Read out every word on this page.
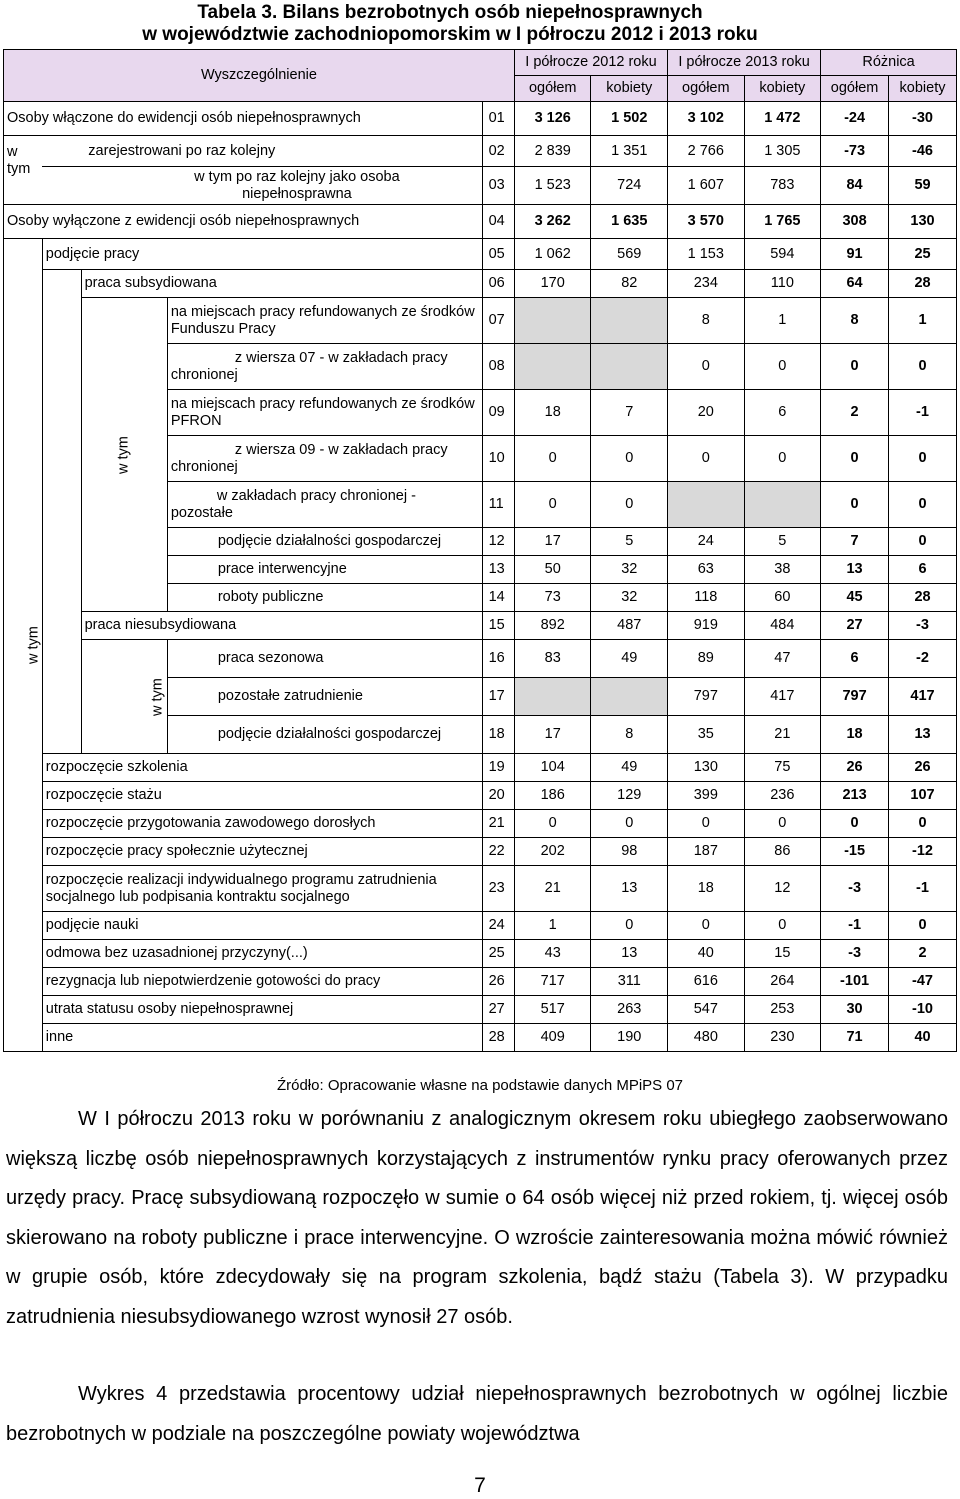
Tabela 3. Bilans bezrobotnych osób niepełnosprawnych
w województwie zachodniopomorskim w I półroczu 2012 i 2013 roku
Wyszczególnienie					I półrocze 2012 roku		I półrocze 2013 roku		Różnica	
					ogółem	kobiety	ogółem	kobiety	ogółem	kobiety
Osoby włączone do ewidencji osób niepełnosprawnych				01	3 126	1 502	3 102	1 472	-24	-30
w tym	zarejestrowani po raz kolejny			02	2 839	1 351	2 766	1 305	-73	-46
	w tym po raz kolejny jako osoba niepełnosprawna			03	1 523	724	1 607	783	84	59
Osoby wyłączone z ewidencji osób niepełnosprawnych				04	3 262	1 635	3 570	1 765	308	130
w tym	podjęcie pracy			05	1 062	569	1 153	594	91	25
		praca subsydiowana		06	170	82	234	110	64	28
		w tym	na miejscach pracy refundowanych ze środków Funduszu Pracy	07			8	1	8	1
			z wiersza 07 - w zakładach pracy chronionej	08			0	0	0	0
			na miejscach pracy refundowanych ze środków PFRON	09	18	7	20	6	2	-1
			z wiersza 09 - w zakładach pracy chronionej	10	0	0	0	0	0	0
			w zakładach pracy chronionej - pozostałe	11	0	0			0	0
			podjęcie działalności gospodarczej	12	17	5	24	5	7	0
			prace interwencyjne	13	50	32	63	38	13	6
			roboty publiczne	14	73	32	118	60	45	28
		praca niesubsydiowana		15	892	487	919	484	27	-3
		w tym	praca sezonowa	16	83	49	89	47	6	-2
			pozostałe zatrudnienie	17			797	417	797	417
			podjęcie działalności gospodarczej	18	17	8	35	21	18	13
	rozpoczęcie szkolenia			19	104	49	130	75	26	26
	rozpoczęcie stażu			20	186	129	399	236	213	107
	rozpoczęcie przygotowania zawodowego dorosłych			21	0	0	0	0	0	0
	rozpoczęcie pracy społecznie użytecznej			22	202	98	187	86	-15	-12
	rozpoczęcie realizacji indywidualnego programu zatrudnienia socjalnego lub podpisania kontraktu socjalnego			23	21	13	18	12	-3	-1
	podjęcie nauki			24	1	0	0	0	-1	0
	odmowa bez uzasadnionej przyczyny(...)			25	43	13	40	15	-3	2
	rezygnacja lub niepotwierdzenie gotowości do pracy			26	717	311	616	264	-101	-47
	utrata statusu osoby niepełnosprawnej			27	517	263	547	253	30	-10
	inne			28	409	190	480	230	71	40
Źródło: Opracowanie własne na podstawie danych MPiPS 07
W I półroczu 2013 roku w porównaniu z analogicznym okresem roku ubiegłego zaobserwowano większą liczbę osób niepełnosprawnych korzystających z instrumentów rynku pracy oferowanych przez urzędy pracy. Pracę subsydiowaną rozpoczęło w sumie o 64 osób więcej niż przed rokiem, tj. więcej osób skierowano na roboty publiczne i prace interwencyjne. O wzroście zainteresowania można mówić również w grupie osób, które zdecydowały się na program szkolenia, bądź stażu (Tabela 3). W przypadku zatrudnienia niesubsydiowanego wzrost wynosił 27 osób.
Wykres 4 przedstawia procentowy udział niepełnosprawnych bezrobotnych w ogólnej liczbie bezrobotnych w podziale na poszczególne powiaty województwa
7
